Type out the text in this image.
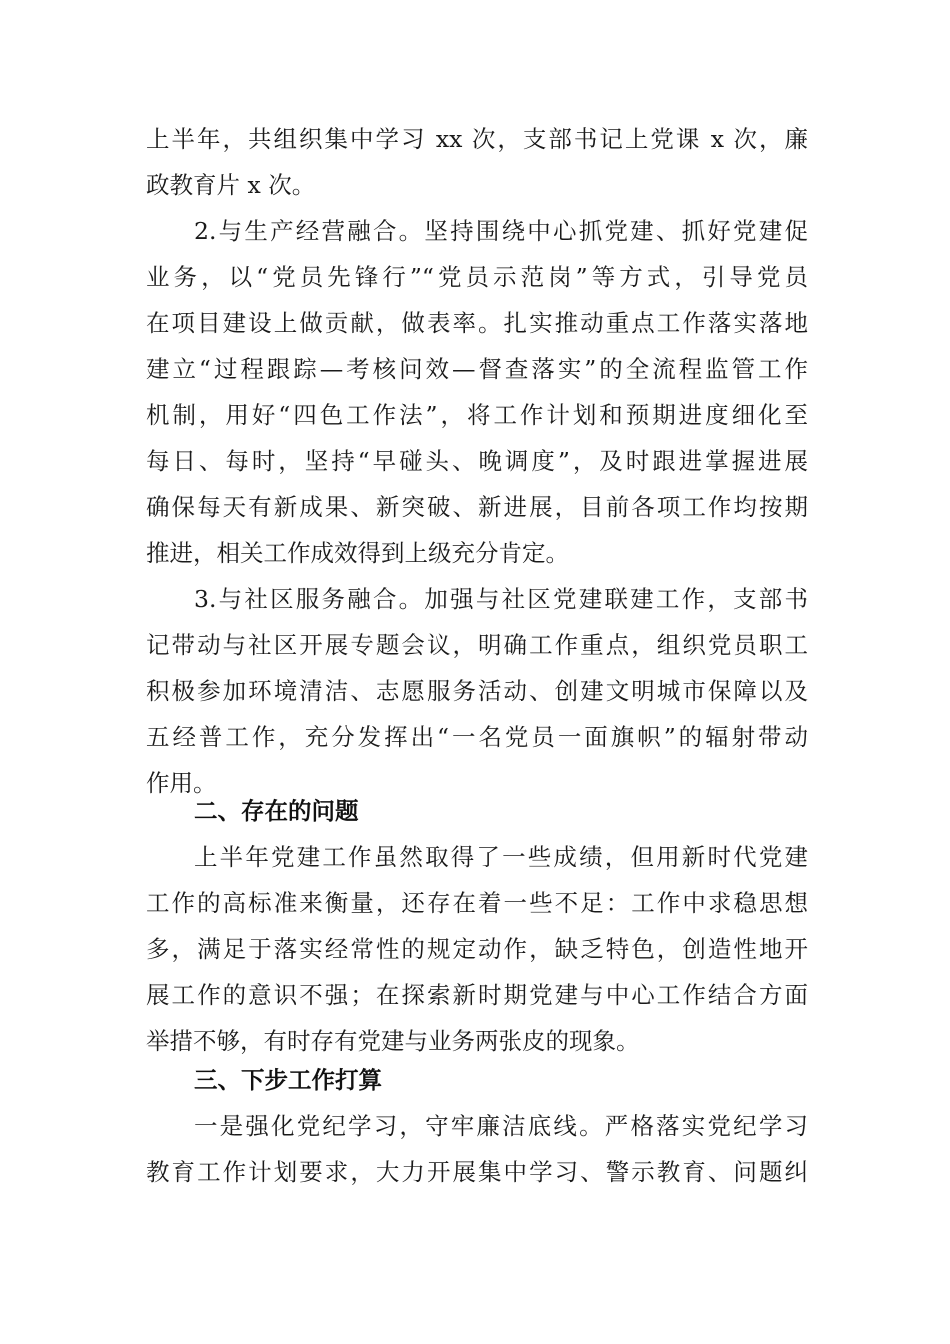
上半年，共组织集中学习 xx 次，支部书记上党课 x 次，廉
政教育片 x 次。
2.与生产经营融合。坚持围绕中心抓党建、抓好党建促
业务，以“党员先锋行”“党员示范岗”等方式，引导党员
在项目建设上做贡献，做表率。扎实推动重点工作落实落地
建立“过程跟踪—考核问效—督查落实”的全流程监管工作
机制，用好“四色工作法”，将工作计划和预期进度细化至
每日、每时，坚持“早碰头、晚调度”，及时跟进掌握进展
确保每天有新成果、新突破、新进展，目前各项工作均按期
推进，相关工作成效得到上级充分肯定。
3.与社区服务融合。加强与社区党建联建工作，支部书
记带动与社区开展专题会议，明确工作重点，组织党员职工
积极参加环境清洁、志愿服务活动、创建文明城市保障以及
五经普工作，充分发挥出“一名党员一面旗帜”的辐射带动
作用。
二、存在的问题
上半年党建工作虽然取得了一些成绩，但用新时代党建
工作的高标准来衡量，还存在着一些不足：工作中求稳思想
多，满足于落实经常性的规定动作，缺乏特色，创造性地开
展工作的意识不强；在探索新时期党建与中心工作结合方面
举措不够，有时存有党建与业务两张皮的现象。
三、下步工作打算
一是强化党纪学习，守牢廉洁底线。严格落实党纪学习
教育工作计划要求，大力开展集中学习、警示教育、问题纠
